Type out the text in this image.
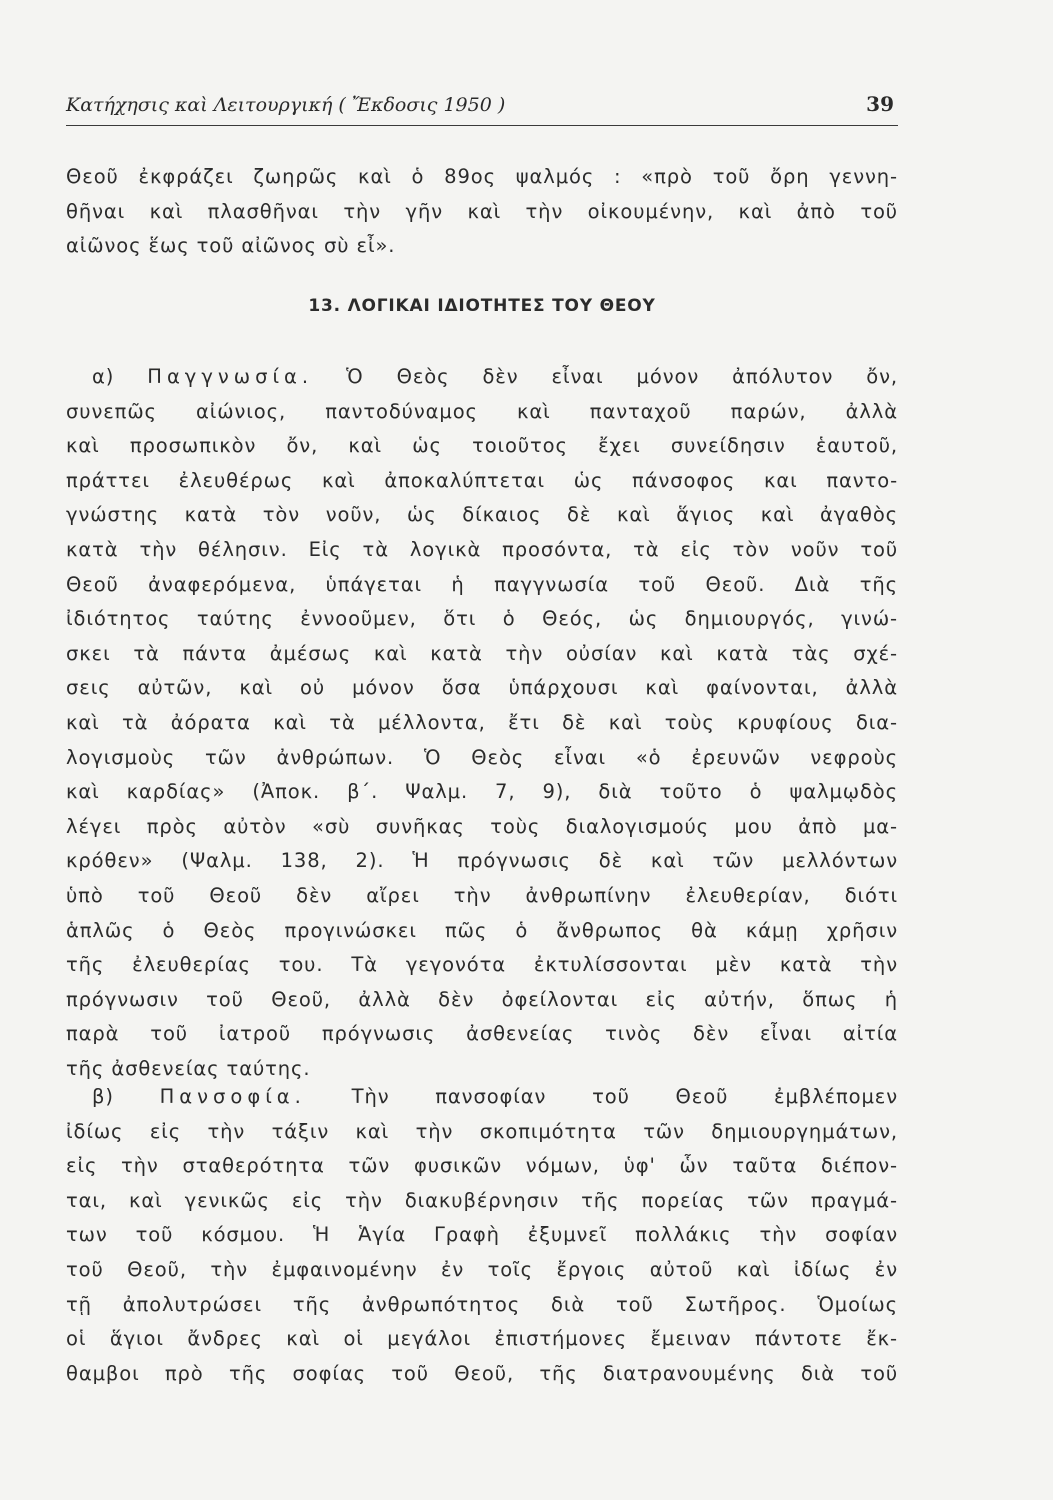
Κατήχησις καὶ Λειτουργική ( Ἔκδοσις 1950 )	39
Θεοῦ ἐκφράζει ζωηρῶς καὶ ὁ 89ος ψαλμός : «πρὸ τοῦ ὄρη γεννη-
θῆναι καὶ πλασθῆναι τὴν γῆν καὶ τὴν οἰκουμένην, καὶ ἀπὸ τοῦ
αἰῶνος ἕως τοῦ αἰῶνος σὺ εἶ».
13. ΛΟΓΙΚΑΙ ΙΔΙΟΤΗΤΕΣ ΤΟΥ ΘΕΟΥ
α) Παγγνωσία. Ὁ Θεὸς δὲν εἶναι μόνον ἀπόλυτον ὄν,
συνεπῶς αἰώνιος, παντοδύναμος καὶ πανταχοῦ παρών, ἀλλὰ
καὶ προσωπικὸν ὄν, καὶ ὡς τοιοῦτος ἔχει συνείδησιν ἑαυτοῦ,
πράττει ἐλευθέρως καὶ ἀποκαλύπτεται ὡς πάνσοφος και παντο-
γνώστης κατὰ τὸν νοῦν, ὡς δίκαιος δὲ καὶ ἅγιος καὶ ἀγαθὸς
κατὰ τὴν θέλησιν. Εἰς τὰ λογικὰ προσόντα, τὰ εἰς τὸν νοῦν τοῦ
Θεοῦ ἀναφερόμενα, ὑπάγεται ἡ παγγνωσία τοῦ Θεοῦ. Διὰ τῆς
ἰδιότητος ταύτης ἐννοοῦμεν, ὅτι ὁ Θεός, ὡς δημιουργός, γινώ-
σκει τὰ πάντα ἀμέσως καὶ κατὰ τὴν οὐσίαν καὶ κατὰ τὰς σχέ-
σεις αὐτῶν, καὶ οὐ μόνον ὅσα ὑπάρχουσι καὶ φαίνονται, ἀλλὰ
καὶ τὰ ἀόρατα καὶ τὰ μέλλοντα, ἔτι δὲ καὶ τοὺς κρυφίους δια-
λογισμοὺς τῶν ἀνθρώπων. Ὁ Θεὸς εἶναι «ὁ ἐρευνῶν νεφροὺς
καὶ καρδίας» (Ἀποκ. β΄. Ψαλμ. 7, 9), διὰ τοῦτο ὁ ψαλμῳδὸς
λέγει πρὸς αὐτὸν «σὺ συνῆκας τοὺς διαλογισμούς μου ἀπὸ μα-
κρόθεν» (Ψαλμ. 138, 2). Ἡ πρόγνωσις δὲ καὶ τῶν μελλόντων
ὑπὸ τοῦ Θεοῦ δὲν αἴρει τὴν ἀνθρωπίνην ἐλευθερίαν, διότι
ἁπλῶς ὁ Θεὸς προγινώσκει πῶς ὁ ἄνθρωπος θὰ κάμῃ χρῆσιν
τῆς ἐλευθερίας του. Τὰ γεγονότα ἐκτυλίσσονται μὲν κατὰ τὴν
πρόγνωσιν τοῦ Θεοῦ, ἀλλὰ δὲν ὀφείλονται εἰς αὐτήν, ὅπως ἡ
παρὰ τοῦ ἰατροῦ πρόγνωσις ἀσθενείας τινὸς δὲν εἶναι αἰτία
τῆς ἀσθενείας ταύτης.
β) Πανσοφία. Τὴν πανσοφίαν τοῦ Θεοῦ ἐμβλέπομεν
ἰδίως εἰς τὴν τάξιν καὶ τὴν σκοπιμότητα τῶν δημιουργημάτων,
εἰς τὴν σταθερότητα τῶν φυσικῶν νόμων, ὑφ' ὧν ταῦτα διέπον-
ται, καὶ γενικῶς εἰς τὴν διακυβέρνησιν τῆς πορείας τῶν πραγμά-
των τοῦ κόσμου. Ἡ Ἁγία Γραφὴ ἐξυμνεῖ πολλάκις τὴν σοφίαν
τοῦ Θεοῦ, τὴν ἐμφαινομένην ἐν τοῖς ἔργοις αὐτοῦ καὶ ἰδίως ἐν
τῇ ἀπολυτρώσει τῆς ἀνθρωπότητος διὰ τοῦ Σωτῆρος. Ὁμοίως
οἱ ἅγιοι ἄνδρες καὶ οἱ μεγάλοι ἐπιστήμονες ἔμειναν πάντοτε ἔκ-
θαμβοι πρὸ τῆς σοφίας τοῦ Θεοῦ, τῆς διατρανουμένης διὰ τοῦ
